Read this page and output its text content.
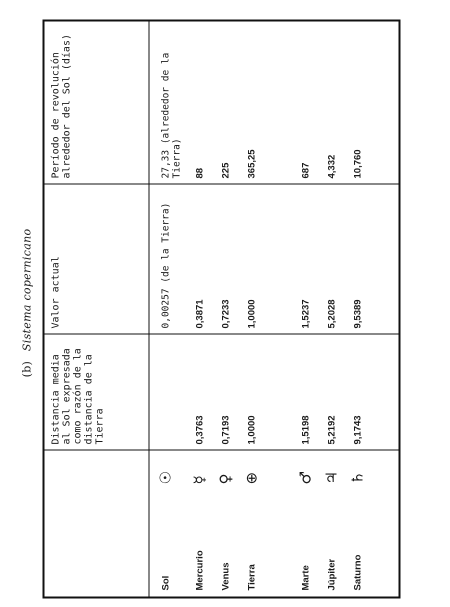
(b) Sistema copernicano
Distancia media al Sol expresada como razón de la distancia de la Tierra
Valor actual
Período de revolución alrededor del Sol (días)
Sol
☉
0,00257 (de la Tierra)
27,33 (alrededor de la Tierra)
Mercurio
☿
0,3763
0,3871
88
Venus
♀
0,7193
0,7233
225
Tierra
⊕
1,0000
1,0000
365,25
Marte
♂
1,5198
1,5237
687
Júpiter
♃
5,2192
5,2028
4,332
Saturno
♄
9,1743
9,5389
10,760
